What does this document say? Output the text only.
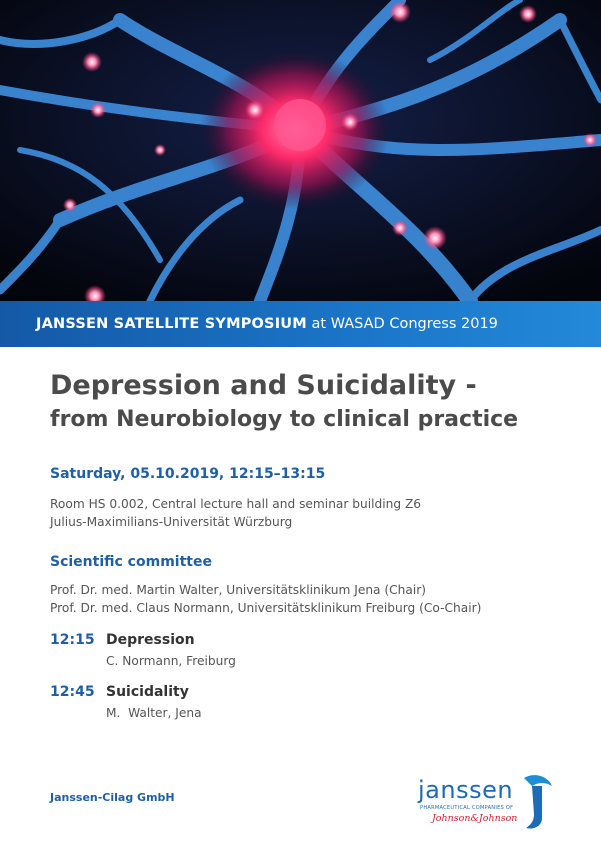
JANSSEN SATELLITE SYMPOSIUM at WASAD Congress 2019
Depression and Suicidality -
from Neurobiology to clinical practice
Saturday, 05.10.2019, 12:15–13:15
Room HS 0.002, Central lecture hall and seminar building Z6
Julius-Maximilians-Universität Würzburg
Scientific committee
Prof. Dr. med. Martin Walter, Universitätsklinikum Jena (Chair)
Prof. Dr. med. Claus Normann, Universitätsklinikum Freiburg (Co-Chair)
12:15 Depression
C. Normann, Freiburg
12:45 Suicidality
M.  Walter, Jena
Janssen-Cilag GmbH	janssen
PHARMACEUTICAL COMPANIES OF
Johnson&Johnson
